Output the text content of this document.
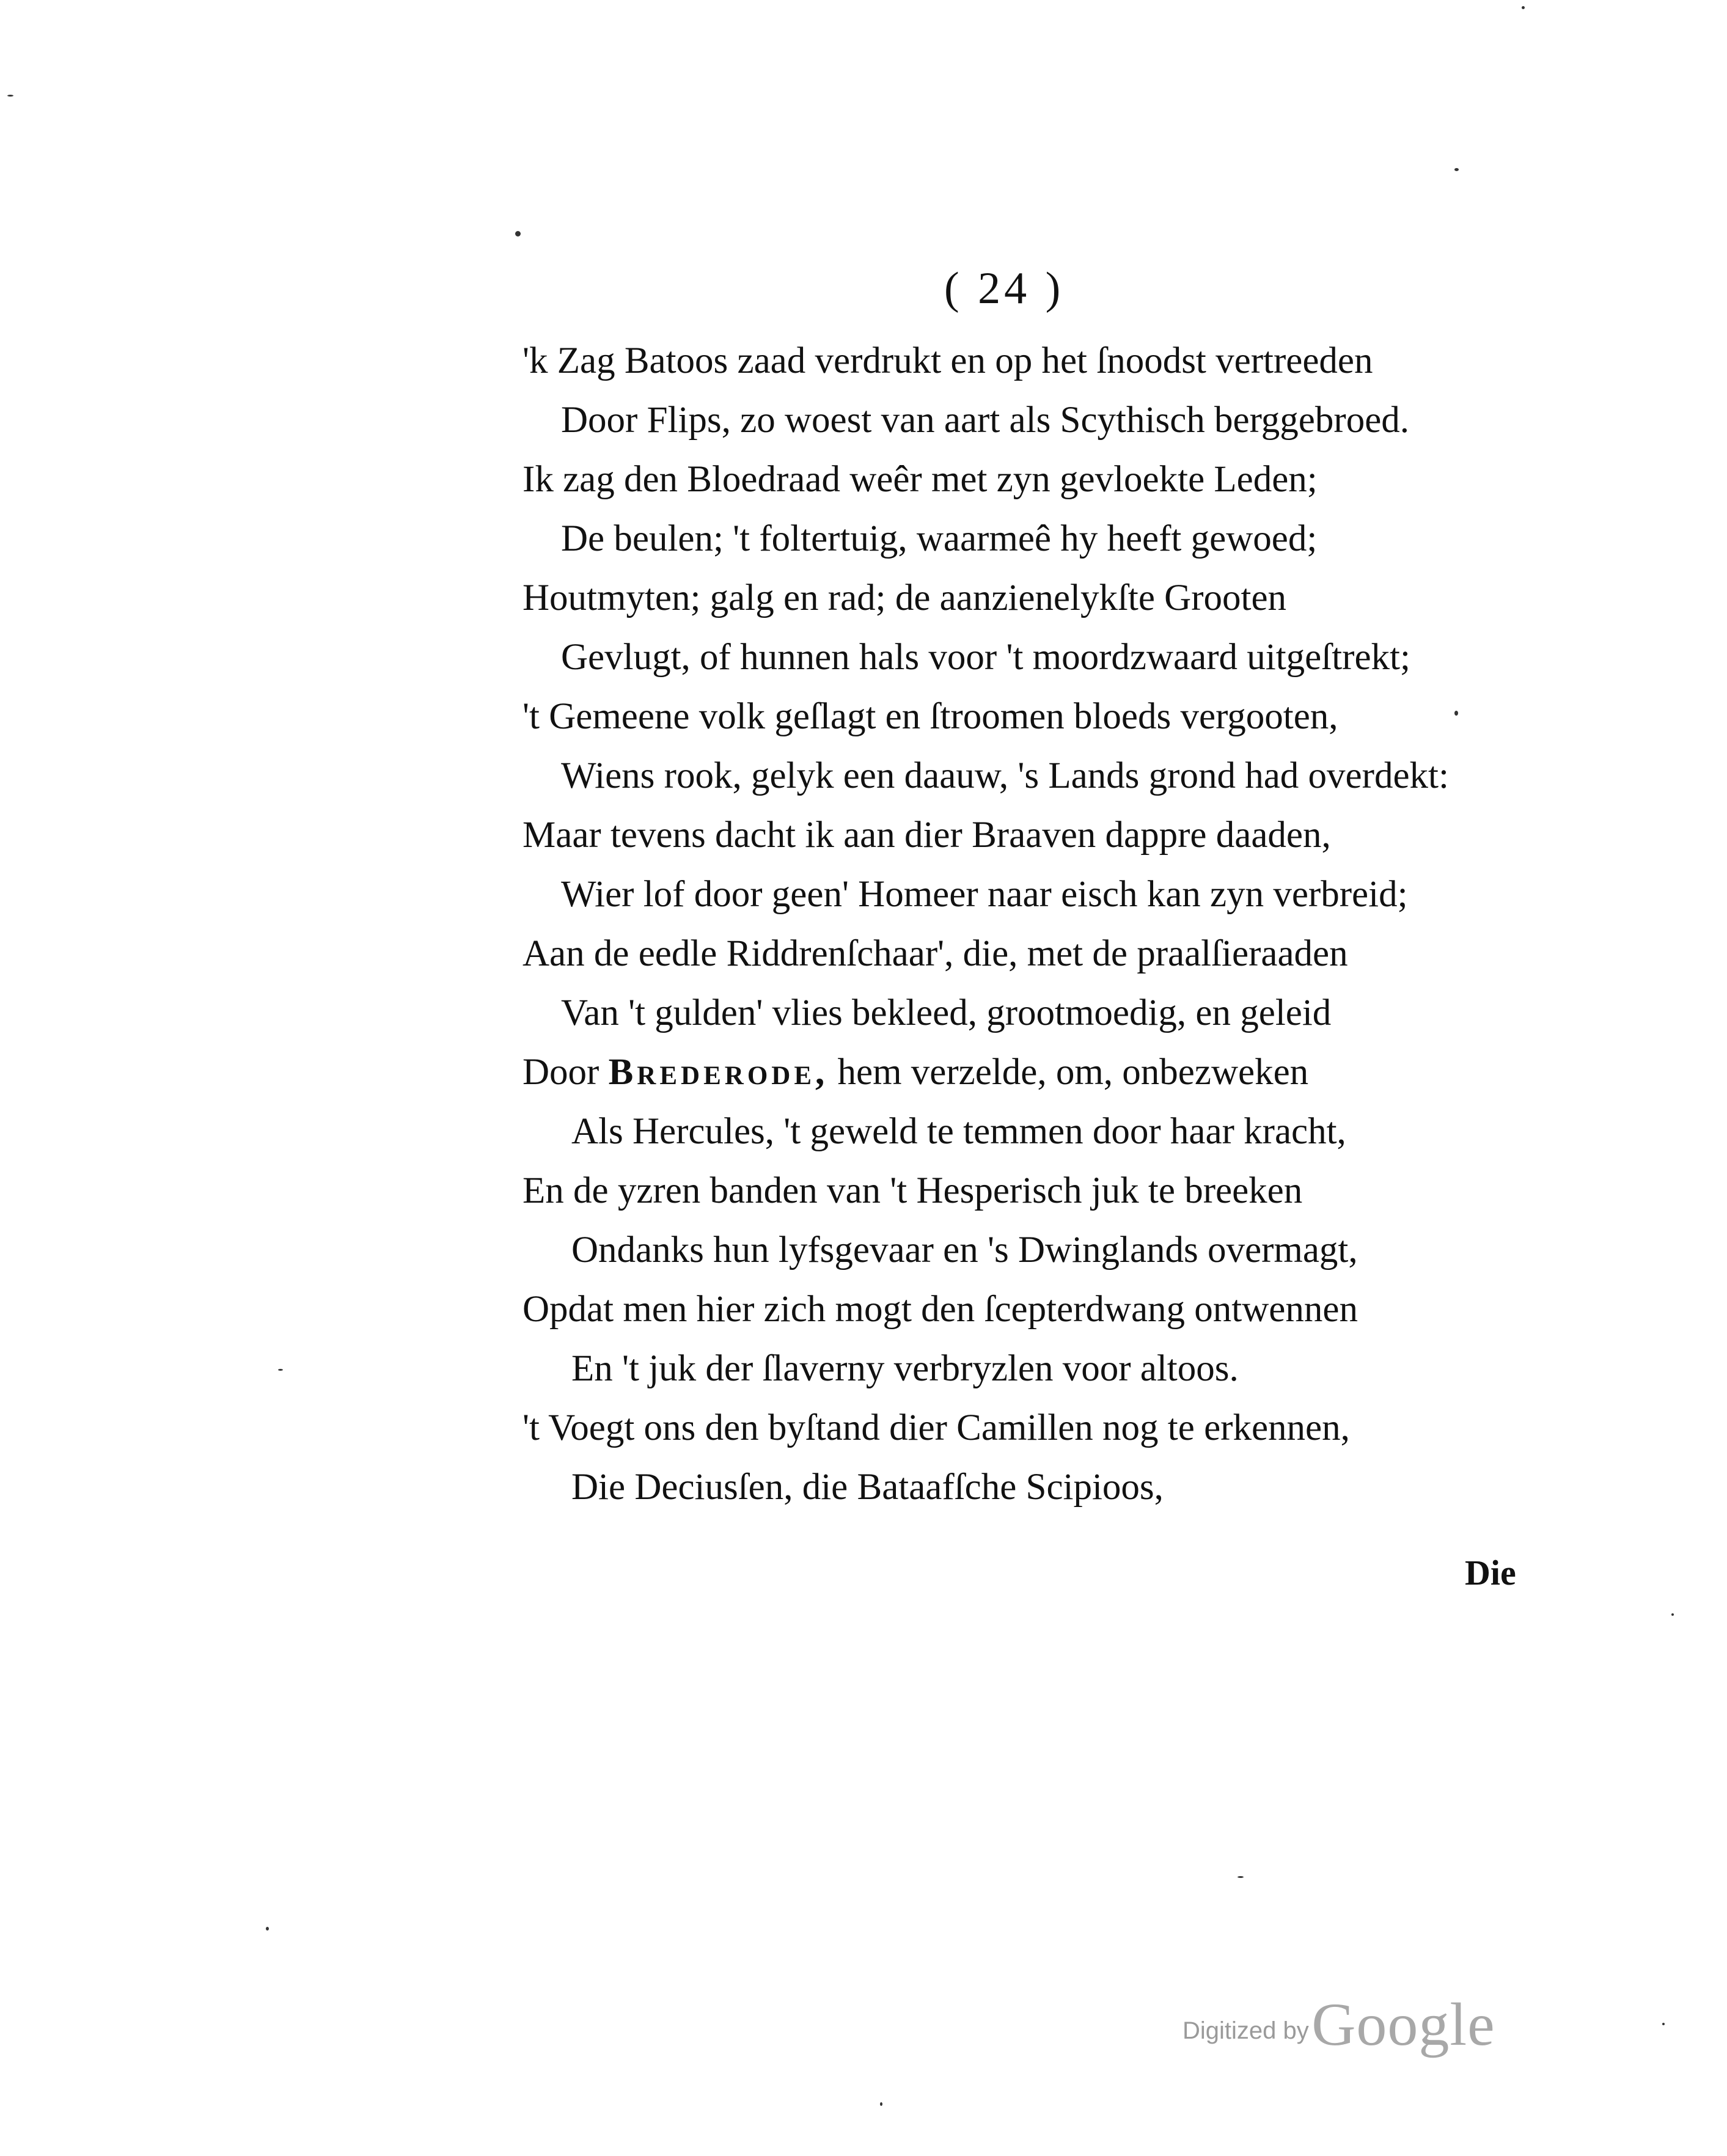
( 24 )
'k Zag Batoos zaad verdrukt en op het ſnoodst vertreeden
Door Flips, zo woest van aart als Scythisch berggebroed.
Ik zag den Bloedraad weêr met zyn gevloekte Leden;
De beulen; 't foltertuig, waarmeê hy heeft gewoed;
Houtmyten; galg en rad; de aanzienelykſte Grooten
Gevlugt, of hunnen hals voor 't moordzwaard uitgeſtrekt;
't Gemeene volk geſlagt en ſtroomen bloeds vergooten,
Wiens rook, gelyk een daauw, 's Lands grond had overdekt:
Maar tevens dacht ik aan dier Braaven dappre daaden,
Wier lof door geen' Homeer naar eisch kan zyn verbreid;
Aan de eedle Riddrenſchaar', die, met de praalſieraaden
Van 't gulden' vlies bekleed, grootmoedig, en geleid
Door Brederode, hem verzelde, om, onbezweken
Als Hercules, 't geweld te temmen door haar kracht,
En de yzren banden van 't Hesperisch juk te breeken
Ondanks hun lyfsgevaar en 's Dwinglands overmagt,
Opdat men hier zich mogt den ſcepterdwang ontwennen
En 't juk der ſlaverny verbryzlen voor altoos.
't Voegt ons den byſtand dier Camillen nog te erkennen,
Die Deciusſen, die Bataafſche Scipioos,
Die
Digitized by Google
